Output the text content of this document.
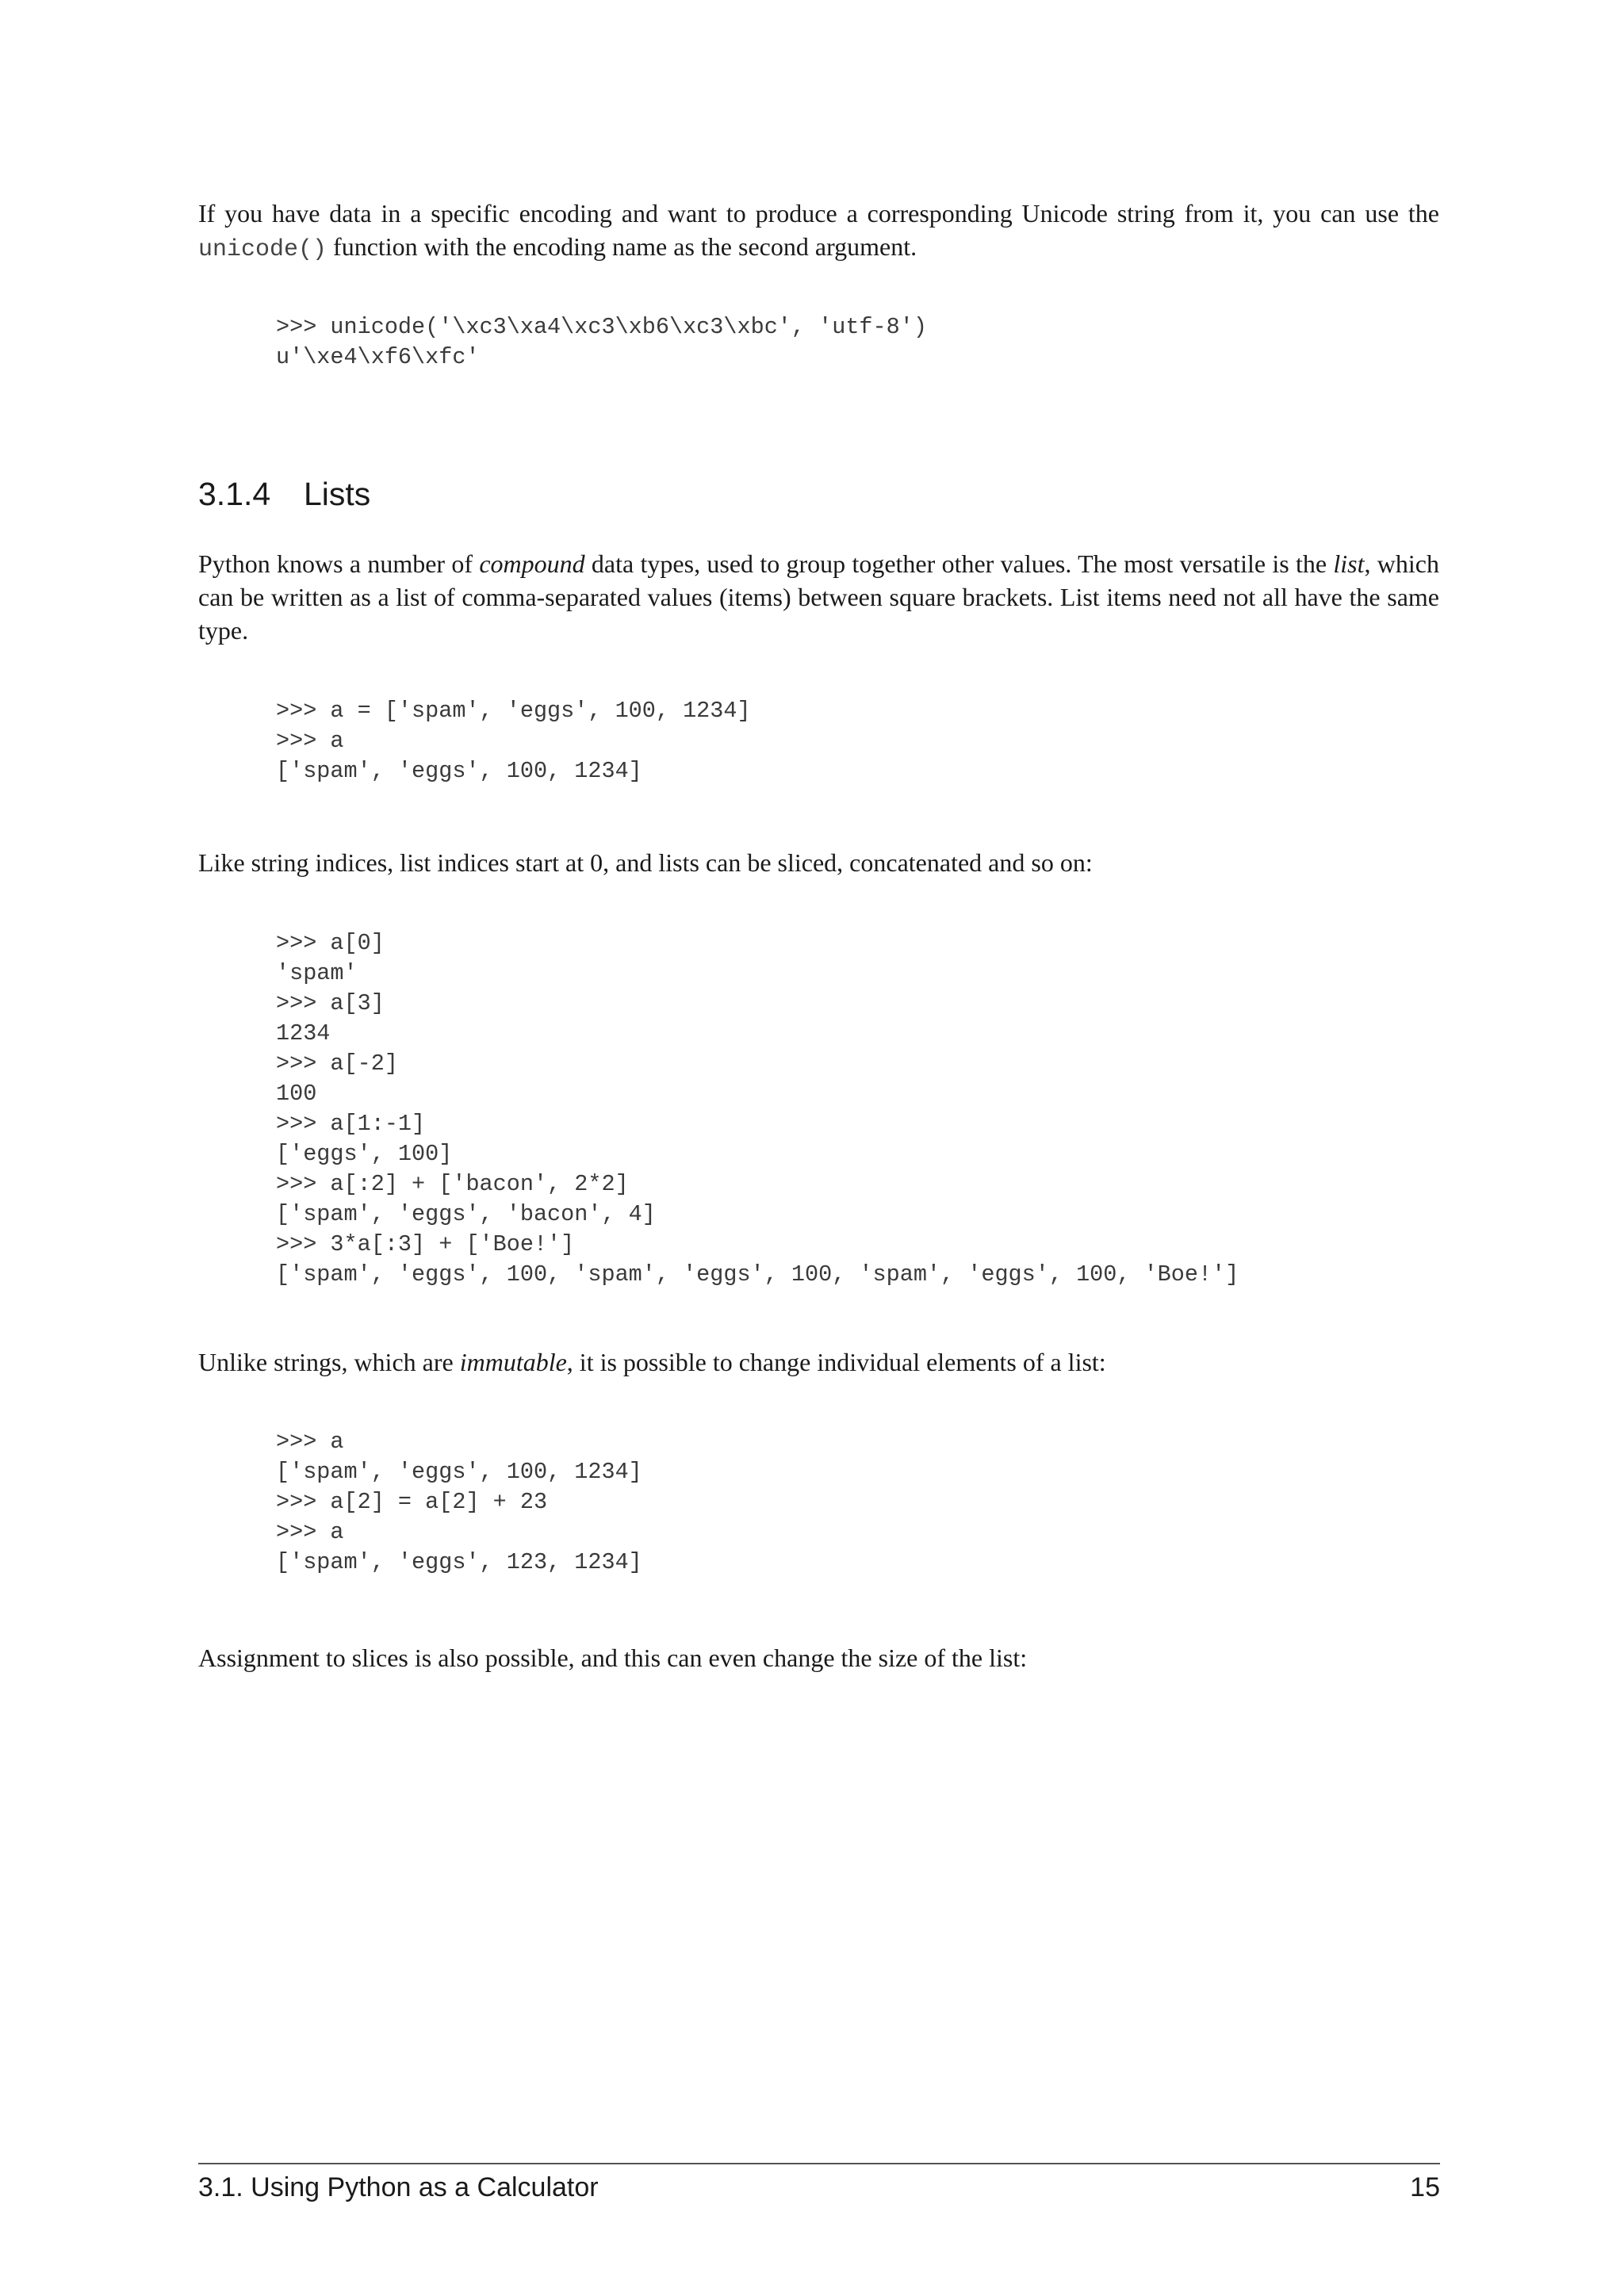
If you have data in a specific encoding and want to produce a corresponding Unicode string from it, you can use the unicode() function with the encoding name as the second argument.

>>> unicode('\xc3\xa4\xc3\xb6\xc3\xbc', 'utf-8')
u'\xe4\xf6\xfc'
3.1.4 Lists

Python knows a number of compound data types, used to group together other values. The most versatile is the list, which can be written as a list of comma-separated values (items) between square brackets. List items need not all have the same type.

>>> a = ['spam', 'eggs', 100, 1234]
>>> a
['spam', 'eggs', 100, 1234]

Like string indices, list indices start at 0, and lists can be sliced, concatenated and so on:

>>> a[0]
'spam'
>>> a[3]
1234
>>> a[-2]
100
>>> a[1:-1]
['eggs', 100]
>>> a[:2] + ['bacon', 2*2]
['spam', 'eggs', 'bacon', 4]
>>> 3*a[:3] + ['Boe!']
['spam', 'eggs', 100, 'spam', 'eggs', 100, 'spam', 'eggs', 100, 'Boe!']

Unlike strings, which are immutable, it is possible to change individual elements of a list:

>>> a
['spam', 'eggs', 100, 1234]
>>> a[2] = a[2] + 23
>>> a
['spam', 'eggs', 123, 1234]

Assignment to slices is also possible, and this can even change the size of the list:

3.1. Using Python as a Calculator	15
